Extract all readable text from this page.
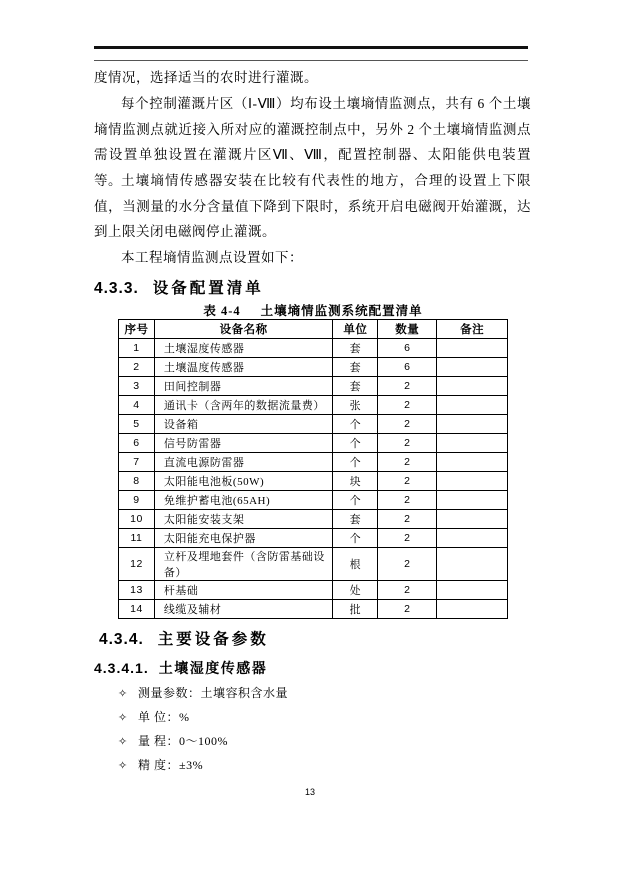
度情况，选择适当的农时进行灌溉。

每个控制灌溉片区（Ⅰ-Ⅷ）均布设土壤墒情监测点，共有 6 个土壤墒情监测点就近接入所对应的灌溉控制点中，另外 2 个土壤墒情监测点需设置单独设置在灌溉片区Ⅶ、Ⅷ，配置控制器、太阳能供电装置等。 土壤墒情传感器安装在比较有代表性的地方，合理的设置上下限值，当测量的水分含量值下降到下限时，系统开启电磁阀开始灌溉，达到上限关闭电磁阀停止灌溉。

本工程墒情监测点设置如下：

4.3.3. 设备配置清单
表 4-4 土壤墒情监测系统配置清单
序号	设备名称	单位	数量	备注
1	土壤湿度传感器	套	6	
2	土壤温度传感器	套	6	
3	田间控制器	套	2	
4	通讯卡（含两年的数据流量费）	张	2	
5	设备箱	个	2	
6	信号防雷器	个	2	
7	直流电源防雷器	个	2	
8	太阳能电池板(50W)	块	2	
9	免维护蓄电池(65AH)	个	2	
10	太阳能安装支架	套	2	
11	太阳能充电保护器	个	2	
12	立杆及埋地套件（含防雷基础设备）	根	2	
13	杆基础	处	2	
14	线缆及辅材	批	2	
4.3.4. 主要设备参数
4.3.4.1. 土壤湿度传感器
✧ 测量参数：土壤容积含水量
✧ 单 位：%
✧ 量 程：0～100%
✧ 精 度：±3%
13
